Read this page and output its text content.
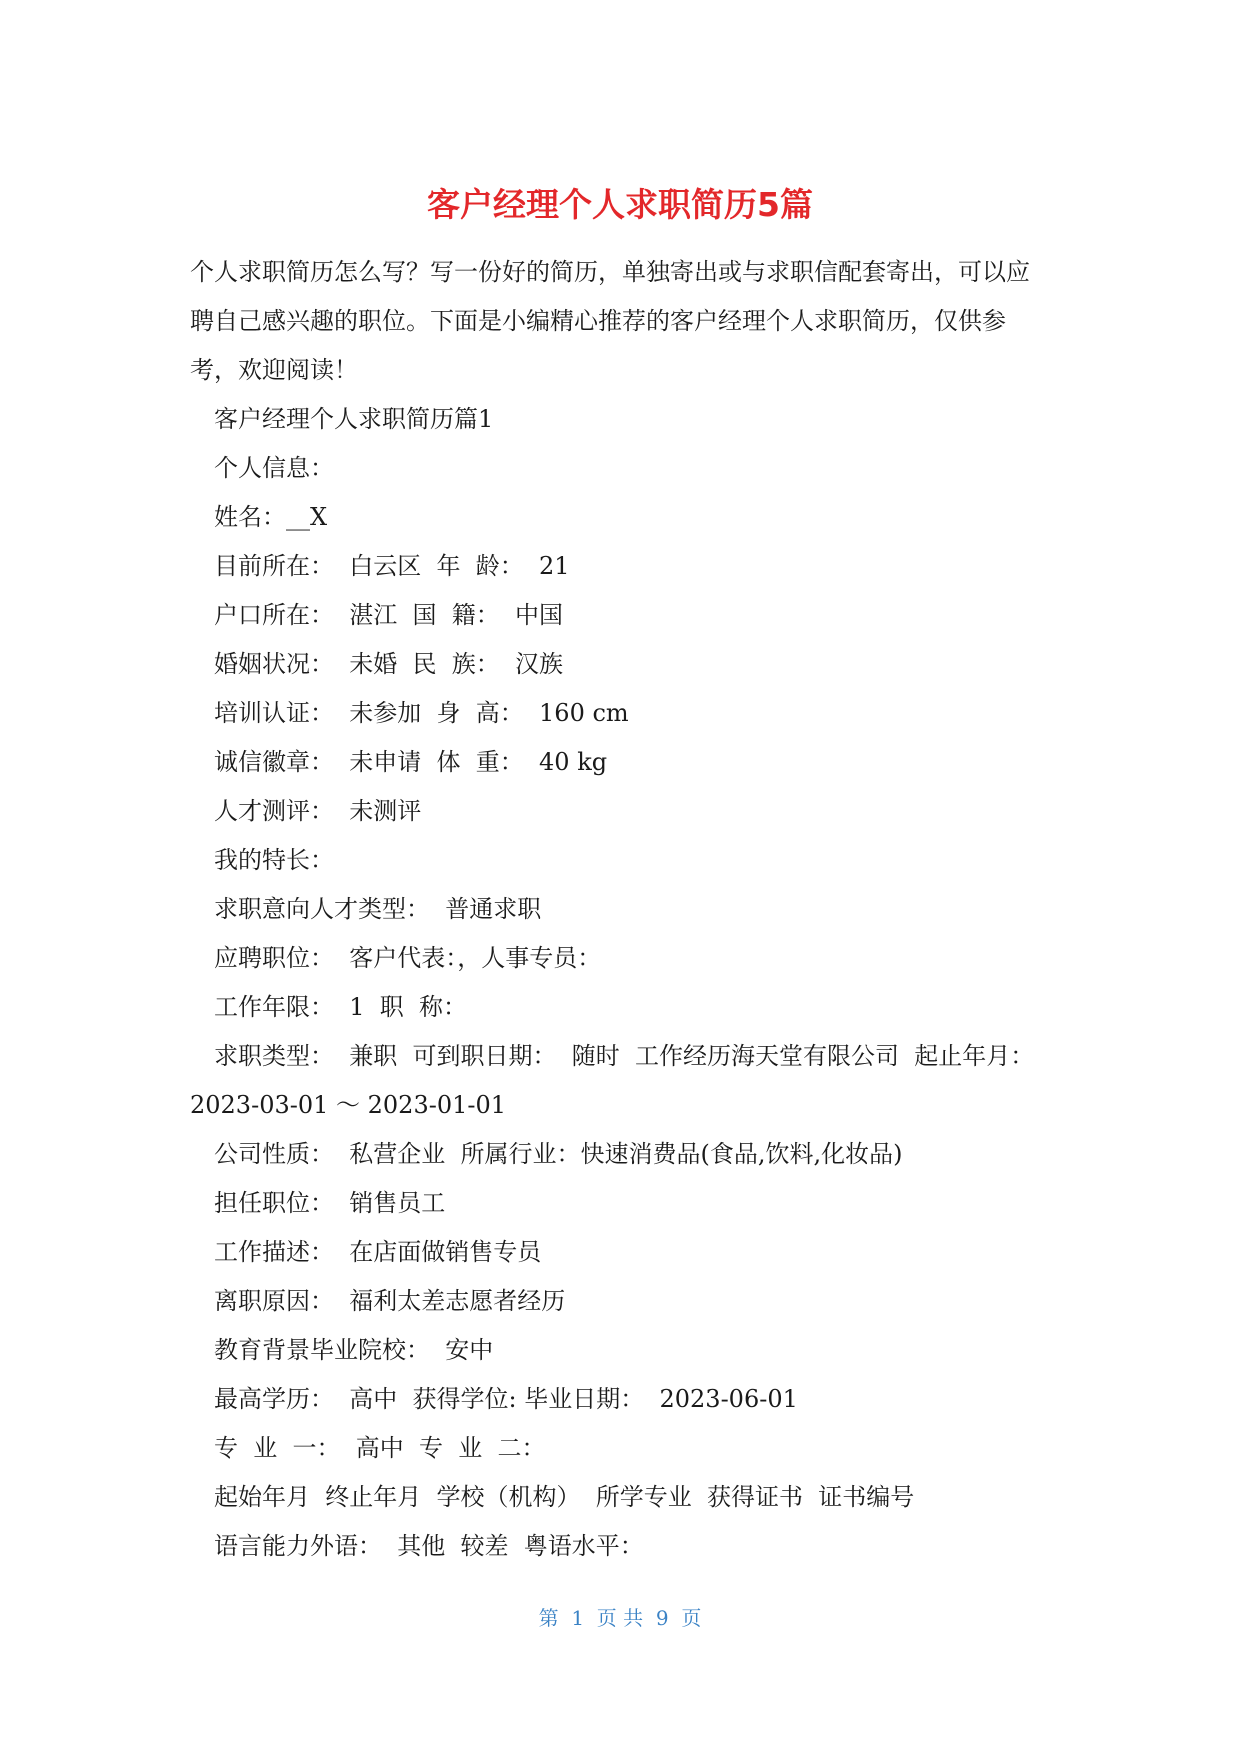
客户经理个人求职简历5篇

个人求职简历怎么写？写一份好的简历，单独寄出或与求职信配套寄出，可以应聘自己感兴趣的职位。下面是小编精心推荐的客户经理个人求职简历，仅供参考，欢迎阅读！

客户经理个人求职简历篇1

个人信息：

姓名：__X

目前所在：  白云区  年  龄：  21

户口所在：  湛江  国  籍：  中国

婚姻状况：  未婚  民  族：  汉族

培训认证：  未参加  身  高：  160 cm

诚信徽章：  未申请  体  重：  40 kg

人才测评：  未测评

我的特长：

求职意向人才类型：  普通求职

应聘职位：  客户代表：，人事专员：

工作年限：  1  职  称：

求职类型：  兼职  可到职日期：  随时  工作经历海天堂有限公司  起止年月：2023-03-01 ～ 2023-01-01

公司性质：  私营企业  所属行业：快速消费品(食品,饮料,化妆品)

担任职位：  销售员工

工作描述：  在店面做销售专员

离职原因：  福利太差志愿者经历

教育背景毕业院校：  安中

最高学历：  高中  获得学位: 毕业日期：  2023-06-01

专  业  一：  高中  专  业  二：

起始年月  终止年月  学校（机构）  所学专业  获得证书  证书编号

语言能力外语：  其他  较差  粤语水平：

第  1  页 共  9  页
